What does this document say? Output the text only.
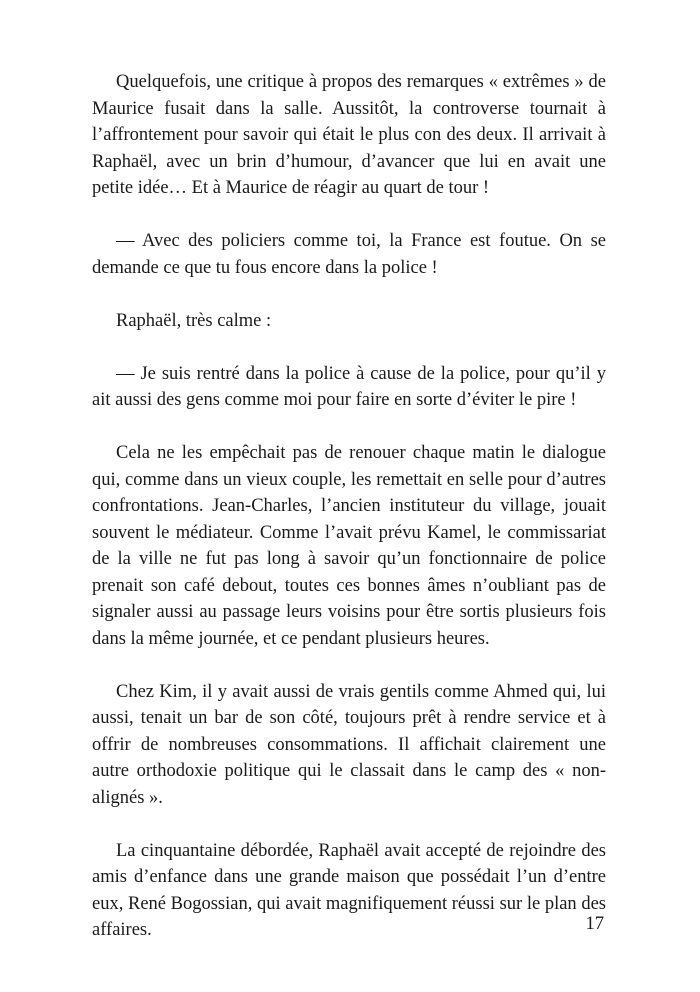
Quelquefois, une critique à propos des remarques « extrêmes » de Maurice fusait dans la salle. Aussitôt, la controverse tournait à l’affrontement pour savoir qui était le plus con des deux. Il arrivait à Raphaël, avec un brin d’humour, d’avancer que lui en avait une petite idée… Et à Maurice de réagir au quart de tour !

— Avec des policiers comme toi, la France est foutue. On se demande ce que tu fous encore dans la police !

Raphaël, très calme :

— Je suis rentré dans la police à cause de la police, pour qu’il y ait aussi des gens comme moi pour faire en sorte d’éviter le pire !

Cela ne les empêchait pas de renouer chaque matin le dialogue qui, comme dans un vieux couple, les remettait en selle pour d’autres confrontations. Jean-Charles, l’ancien instituteur du village, jouait souvent le médiateur. Comme l’avait prévu Kamel, le commissariat de la ville ne fut pas long à savoir qu’un fonctionnaire de police prenait son café debout, toutes ces bonnes âmes n’oubliant pas de signaler aussi au passage leurs voisins pour être sortis plusieurs fois dans la même journée, et ce pendant plusieurs heures.

Chez Kim, il y avait aussi de vrais gentils comme Ahmed qui, lui aussi, tenait un bar de son côté, toujours prêt à rendre service et à offrir de nombreuses consommations. Il affichait clairement une autre orthodoxie politique qui le classait dans le camp des « non-alignés ».

La cinquantaine débordée, Raphaël avait accepté de rejoindre des amis d’enfance dans une grande maison que possédait l’un d’entre eux, René Bogossian, qui avait magnifiquement réussi sur le plan des affaires.	17
